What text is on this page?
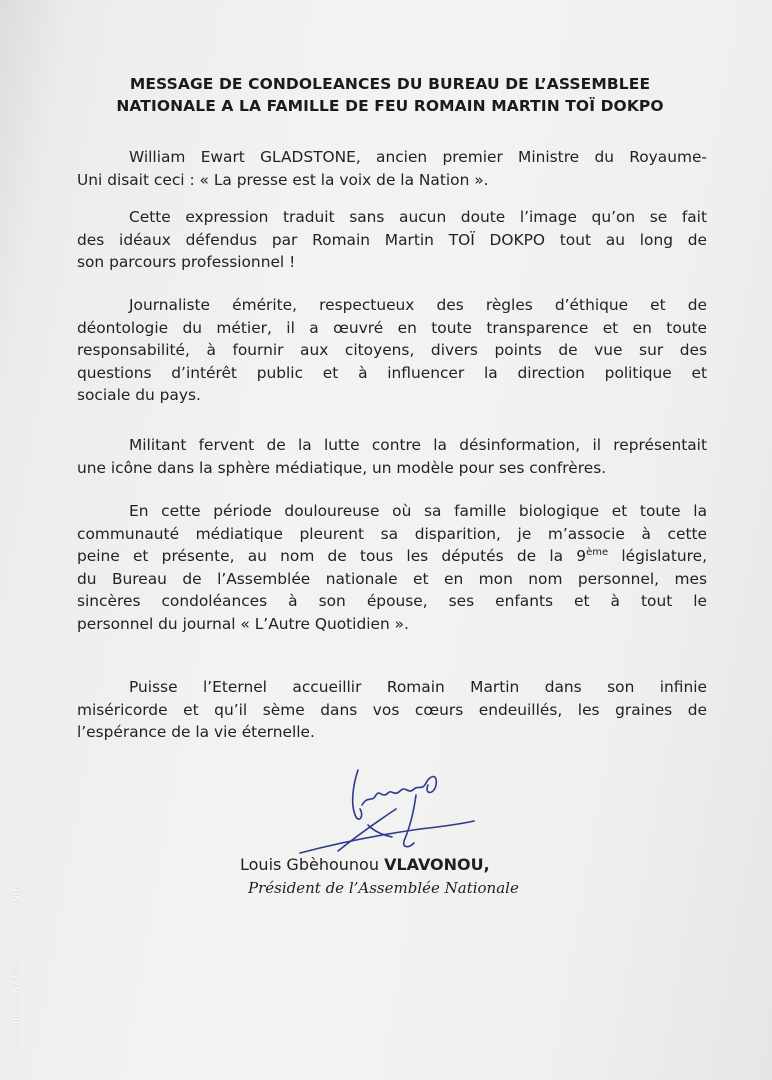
MESSAGE DE CONDOLEANCES DU BUREAU DE L’ASSEMBLEE
NATIONALE A LA FAMILLE DE FEU ROMAIN MARTIN TOÏ DOKPO
William Ewart GLADSTONE, ancien premier Ministre du Royaume-
Uni disait ceci : « La presse est la voix de la Nation ».
Cette expression traduit sans aucun doute l’image qu’on se fait
des idéaux défendus par Romain Martin TOÏ DOKPO tout au long de
son parcours professionnel !
Journaliste émérite, respectueux des règles d’éthique et de
déontologie du métier, il a œuvré en toute transparence et en toute
responsabilité, à fournir aux citoyens, divers points de vue sur des
questions d’intérêt public et à influencer la direction politique et
sociale du pays.
Militant fervent de la lutte contre la désinformation, il représentait
une icône dans la sphère médiatique, un modèle pour ses confrères.
En cette période douloureuse où sa famille biologique et toute la
communauté médiatique pleurent sa disparition, je m’associe à cette
peine et présente, au nom de tous les députés de la 9ème législature,
du Bureau de l’Assemblée nationale et en mon nom personnel, mes
sincères condoléances à son épouse, ses enfants et à tout le
personnel du journal « L’Autre Quotidien ».
Puisse l’Eternel accueillir Romain Martin dans son infinie
miséricorde et qu’il sème dans vos cœurs endeuillés, les graines de
l’espérance de la vie éternelle.
Louis Gbèhounou VLAVONOU,
Président de l’Assemblée Nationale
ASSEMBLEE NATIONALE DU BENIN
